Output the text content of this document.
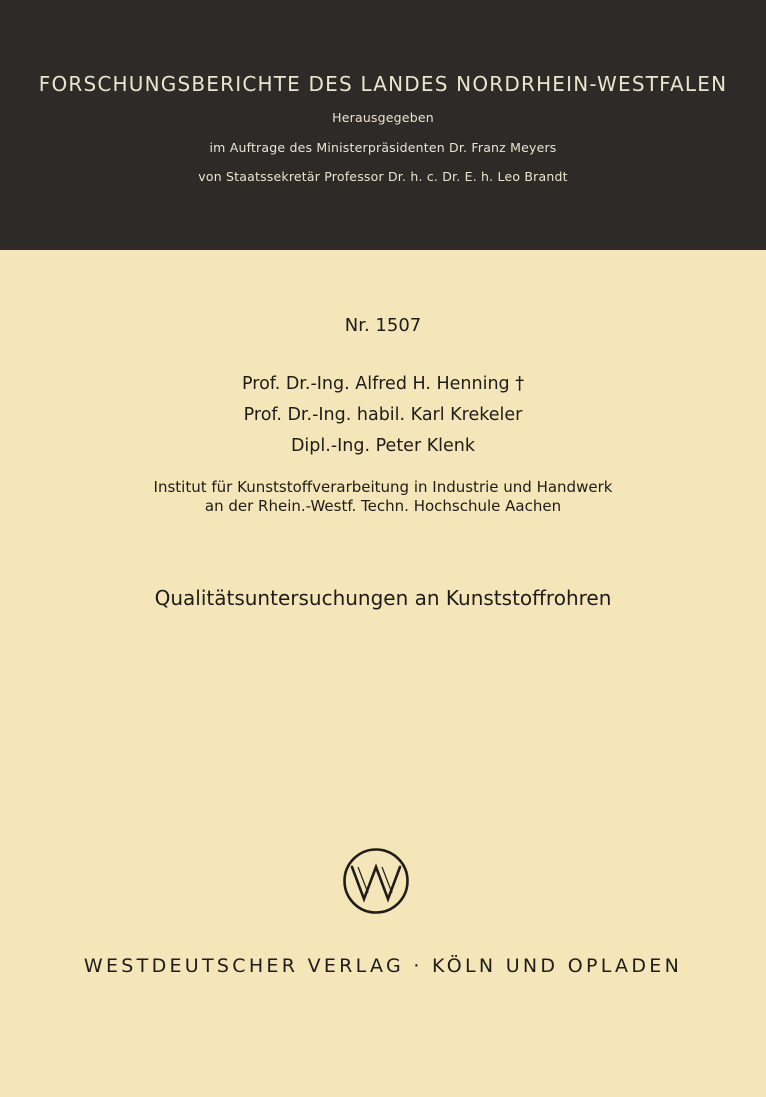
FORSCHUNGSBERICHTE DES LANDES NORDRHEIN-WESTFALEN
Herausgegeben
im Auftrage des Ministerpräsidenten Dr. Franz Meyers
von Staatssekretär Professor Dr. h. c. Dr. E. h. Leo Brandt
Nr. 1507
Prof. Dr.-Ing. Alfred H. Henning †
Prof. Dr.-Ing. habil. Karl Krekeler
Dipl.-Ing. Peter Klenk
Institut für Kunststoffverarbeitung in Industrie und Handwerk
an der Rhein.-Westf. Techn. Hochschule Aachen
Qualitätsuntersuchungen an Kunststoffrohren
WESTDEUTSCHER VERLAG · KÖLN UND OPLADEN
